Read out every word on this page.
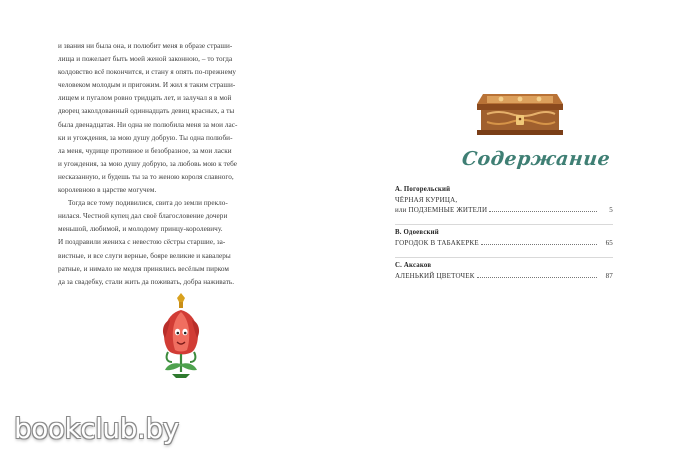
и звания ни была она, и полюбит меня в образе страши-
лища и пожелает быть моей женой законною, – то тогда
колдовство всё покончится, и стану я опять по-прежнему
человеком молодым и пригожим. И жил я таким страши-
лищем и пугалом ровно тридцать лет, и залучал я в мой
дворец заколдованный одиннадцать девиц красных, а ты
была двенадцатая. Ни одна не полюбила меня за мои лас-
ки и угождения, за мою душу добрую. Ты одна полюби-
ла меня, чудище противное и безобразное, за мои ласки
и угождения, за мою душу добрую, за любовь мою к тебе
несказанную, и будешь ты за то женою короля славного,
королевною в царстве могучем.
Тогда все тому подивилися, свита до земли прекло-
нилася. Честной купец дал своё благословение дочери
меньшой, любимой, и молодому принцу-королевичу.
И поздравили жениха с невестою сёстры старшие, за-
вистные, и все слуги верные, бояре великие и кавалеры
ратные, и нимало не медля принялись весёлым пирком
да за свадебку, стали жить да поживать, добра наживать.
Содержание
А. Погорельский
ЧЁРНАЯ КУРИЦА,
или ПОДЗЕМНЫЕ ЖИТЕЛИ	5
В. Одоевский
ГОРОДОК В ТАБАКЕРКЕ	65
С. Аксаков
АЛЕНЬКИЙ ЦВЕТОЧЕК	87
bookclub.by
